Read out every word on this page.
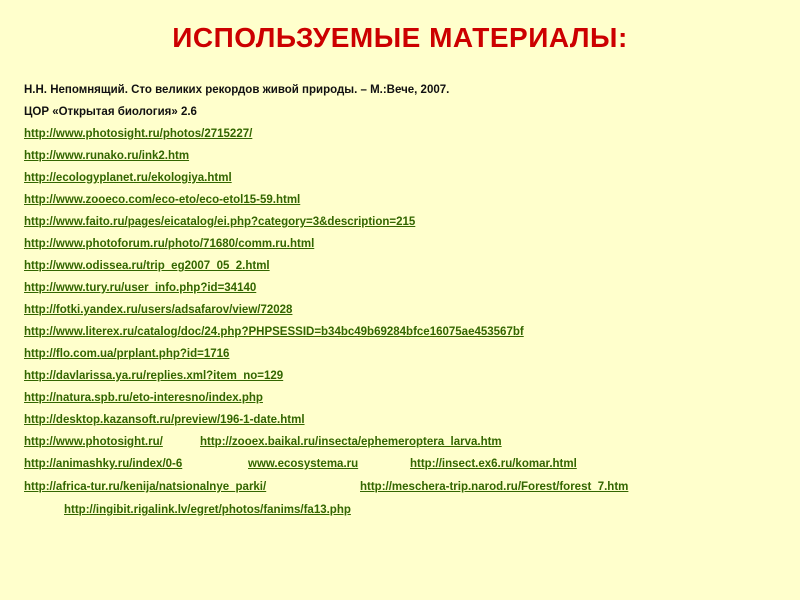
ИСПОЛЬЗУЕМЫЕ МАТЕРИАЛЫ:
Н.Н. Непомнящий. Сто великих рекордов живой природы. – М.:Вече, 2007.
ЦОР «Открытая биология» 2.6
http://www.photosight.ru/photos/2715227/
http://www.runako.ru/ink2.htm
http://ecologyplanet.ru/ekologiya.html
http://www.zooeco.com/eco-eto/eco-etol15-59.html
http://www.faito.ru/pages/eicatalog/ei.php?category=3&description=215
http://www.photoforum.ru/photo/71680/comm.ru.html
http://www.odissea.ru/trip_eg2007_05_2.html
http://www.tury.ru/user_info.php?id=34140
http://fotki.yandex.ru/users/adsafarov/view/72028
http://www.literex.ru/catalog/doc/24.php?PHPSESSID=b34bc49b69284bfce16075ae453567bf
http://flo.com.ua/prplant.php?id=1716
http://davlarissa.ya.ru/replies.xml?item_no=129
http://natura.spb.ru/eto-interesno/index.php
http://desktop.kazansoft.ru/preview/196-1-date.html
http://www.photosight.ru/	http://zooex.baikal.ru/insecta/ephemeroptera_larva.htm
http://animashky.ru/index/0-6	www.ecosystema.ru	http://insect.ex6.ru/komar.html
http://africa-tur.ru/kenija/natsionalnye_parki/	http://meschera-trip.narod.ru/Forest/forest_7.htm
http://ingibit.rigalink.lv/egret/photos/fanims/fa13.php
